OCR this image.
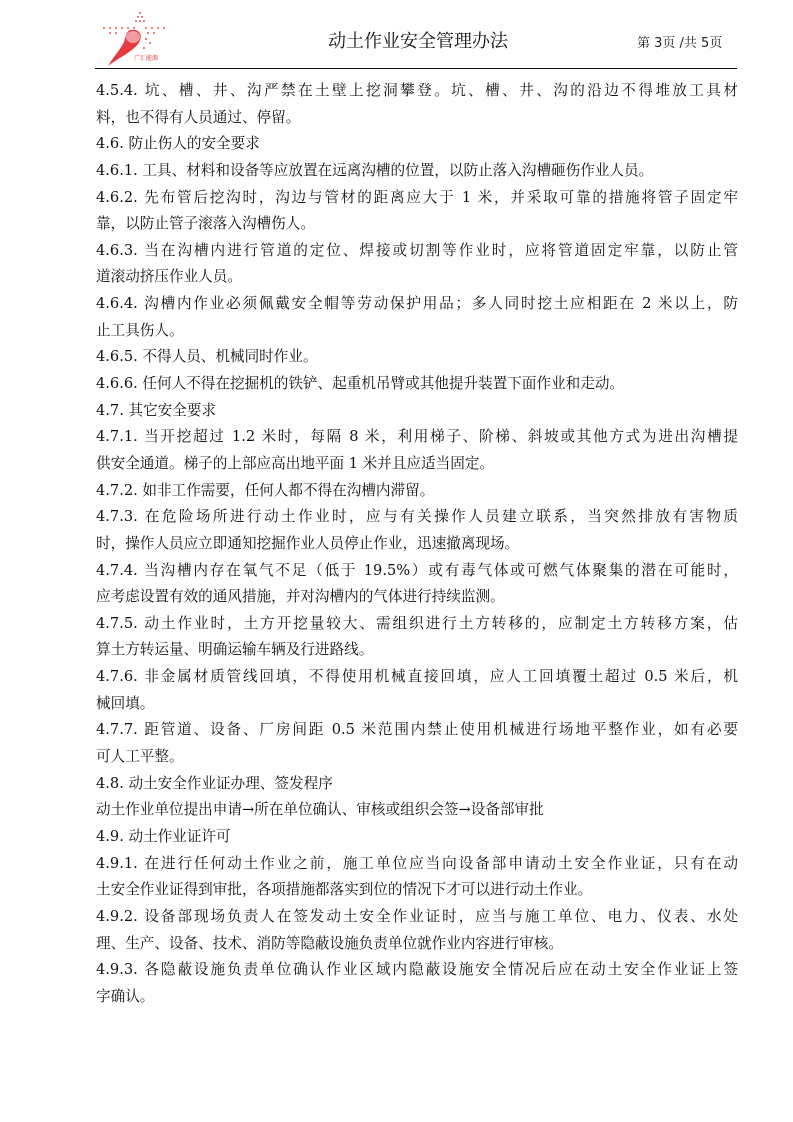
广汇能源
动土作业安全管理办法	第 3页 /共 5页
4.5.4. 坑、槽、井、沟严禁在土壁上挖洞攀登。坑、槽、井、沟的沿边不得堆放工具材
料，也不得有人员通过、停留。
4.6. 防止伤人的安全要求
4.6.1. 工具、材料和设备等应放置在远离沟槽的位置，以防止落入沟槽砸伤作业人员。
4.6.2. 先布管后挖沟时，沟边与管材的距离应大于 1 米，并采取可靠的措施将管子固定牢
靠，以防止管子滚落入沟槽伤人。
4.6.3. 当在沟槽内进行管道的定位、焊接或切割等作业时，应将管道固定牢靠，以防止管
道滚动挤压作业人员。
4.6.4. 沟槽内作业必须佩戴安全帽等劳动保护用品；多人同时挖土应相距在 2 米以上，防
止工具伤人。
4.6.5. 不得人员、机械同时作业。
4.6.6. 任何人不得在挖掘机的铁铲、起重机吊臂或其他提升装置下面作业和走动。
4.7. 其它安全要求
4.7.1. 当开挖超过 1.2 米时，每隔 8 米，利用梯子、阶梯、斜坡或其他方式为进出沟槽提
供安全通道。梯子的上部应高出地平面 1 米并且应适当固定。
4.7.2. 如非工作需要，任何人都不得在沟槽内滞留。
4.7.3. 在危险场所进行动土作业时，应与有关操作人员建立联系，当突然排放有害物质
时，操作人员应立即通知挖掘作业人员停止作业，迅速撤离现场。
4.7.4. 当沟槽内存在氧气不足（低于 19.5%）或有毒气体或可燃气体聚集的潜在可能时，
应考虑设置有效的通风措施，并对沟槽内的气体进行持续监测。
4.7.5. 动土作业时，土方开挖量较大、需组织进行土方转移的，应制定土方转移方案，估
算土方转运量、明确运输车辆及行进路线。
4.7.6. 非金属材质管线回填，不得使用机械直接回填，应人工回填覆土超过 0.5 米后，机
械回填。
4.7.7. 距管道、设备、厂房间距 0.5 米范围内禁止使用机械进行场地平整作业，如有必要
可人工平整。
4.8. 动土安全作业证办理、签发程序
动土作业单位提出申请→所在单位确认、审核或组织会签→设备部审批
4.9. 动土作业证许可
4.9.1. 在进行任何动土作业之前，施工单位应当向设备部申请动土安全作业证，只有在动
土安全作业证得到审批，各项措施都落实到位的情况下才可以进行动土作业。
4.9.2. 设备部现场负责人在签发动土安全作业证时，应当与施工单位、电力、仪表、水处
理、生产、设备、技术、消防等隐蔽设施负责单位就作业内容进行审核。
4.9.3. 各隐蔽设施负责单位确认作业区域内隐蔽设施安全情况后应在动土安全作业证上签
字确认。
